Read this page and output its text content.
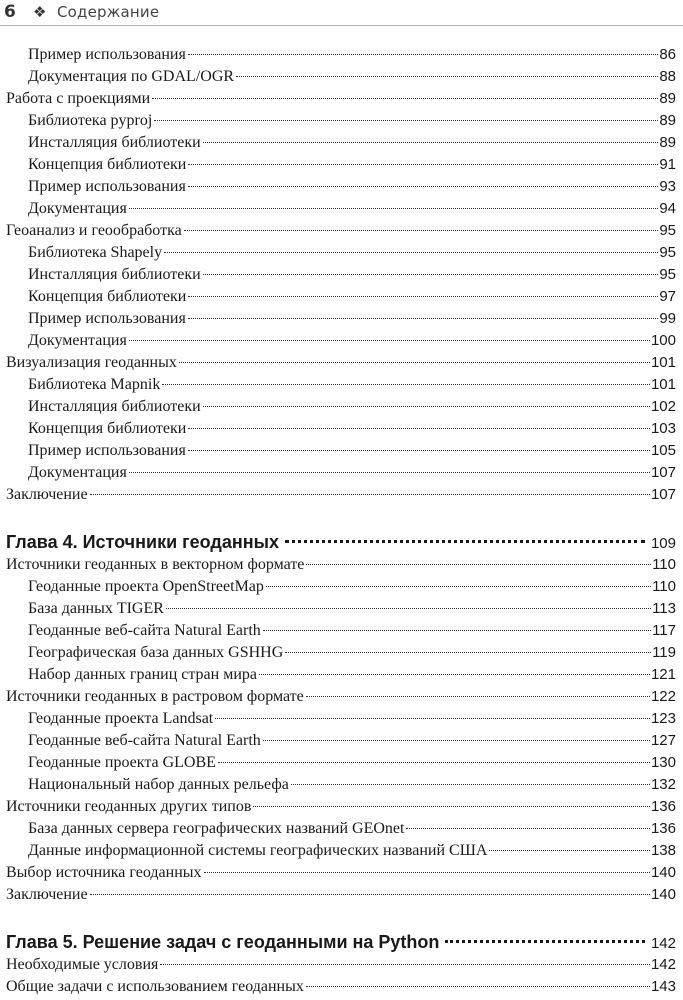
6 ❖ Содержание
Пример использования	86
Документация по GDAL/OGR	88
Работа с проекциями	89
Библиотека pyproj	89
Инсталляция библиотеки	89
Концепция библиотеки	91
Пример использования	93
Документация	94
Геоанализ и геообработка	95
Библиотека Shapely	95
Инсталляция библиотеки	95
Концепция библиотеки	97
Пример использования	99
Документация	100
Визуализация геоданных	101
Библиотека Mapnik	101
Инсталляция библиотеки	102
Концепция библиотеки	103
Пример использования	105
Документация	107
Заключение	107
Глава 4. Источники геоданных	109
Источники геоданных в векторном формате	110
Геоданные проекта OpenStreetMap	110
База данных TIGER	113
Геоданные веб-сайта Natural Earth	117
Географическая база данных GSHHG	119
Набор данных границ стран мира	121
Источники геоданных в растровом формате	122
Геоданные проекта Landsat	123
Геоданные веб-сайта Natural Earth	127
Геоданные проекта GLOBE	130
Национальный набор данных рельефа	132
Источники геоданных других типов	136
База данных сервера географических названий GEOnet	136
Данные информационной системы географических названий США	138
Выбор источника геоданных	140
Заключение	140
Глава 5. Решение задач с геоданными на Python	142
Необходимые условия	142
Общие задачи с использованием геоданных	143
